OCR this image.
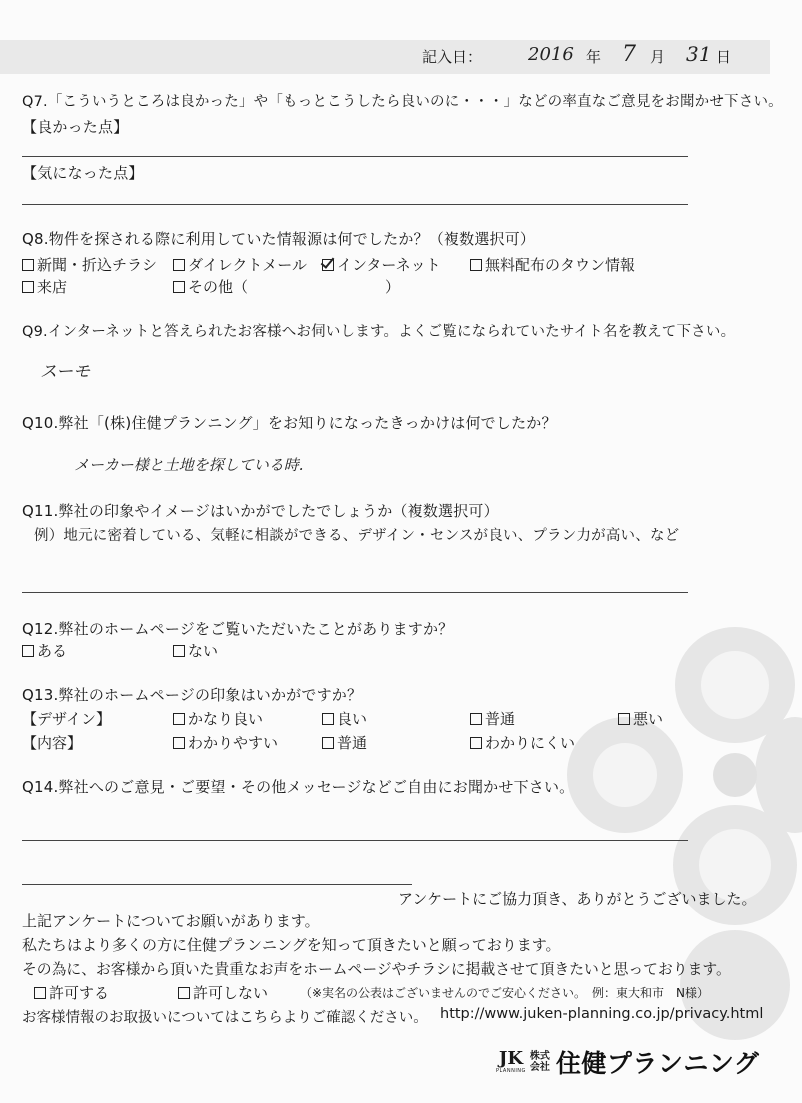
記入日：	2016 年 7 月 31 日
Q7.「こういうところは良かった」や「もっとこうしたら良いのに・・・」などの率直なご意見をお聞かせ下さい。
【良かった点】
【気になった点】
Q8.物件を探される際に利用していた情報源は何でしたか？（複数選択可）
新聞・折込チラシ	ダイレクトメール	インターネット	無料配布のタウン情報
来店	その他（	）
Q9.インターネットと答えられたお客様へお伺いします。よくご覧になられていたサイト名を教えて下さい。
スーモ
Q10.弊社「(株)住健プランニング」をお知りになったきっかけは何でしたか？
メーカー様と土地を探している時.
Q11.弊社の印象やイメージはいかがでしたでしょうか（複数選択可）
例）地元に密着している、気軽に相談ができる、デザイン・センスが良い、プラン力が高い、など
Q12.弊社のホームページをご覧いただいたことがありますか？
ある	ない
Q13.弊社のホームページの印象はいかがですか？
【デザイン】	かなり良い	良い	普通	悪い
【内容】	わかりやすい	普通	わかりにくい
Q14.弊社へのご意見・ご要望・その他メッセージなどご自由にお聞かせ下さい。
アンケートにご協力頂き、ありがとうございました。
上記アンケートについてお願いがあります。
私たちはより多くの方に住健プランニングを知って頂きたいと願っております。
その為に、お客様から頂いた貴重なお声をホームページやチラシに掲載させて頂きたいと思っております。
許可する	許可しない	（※実名の公表はございませんのでご安心ください。　例：東大和市　N様）
お客様情報のお取扱いについてはこちらよりご確認ください。 http://www.juken-planning.co.jp/privacy.html
JK
PLANNING
株式会社 住健プランニング
